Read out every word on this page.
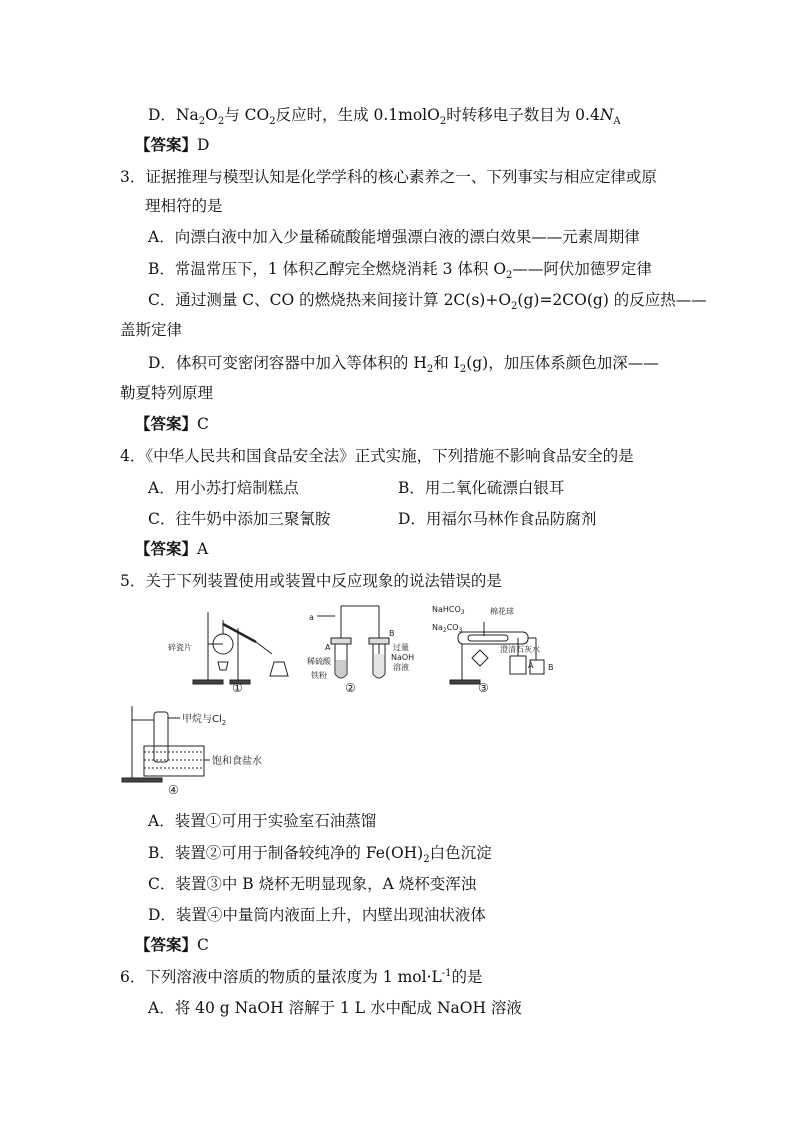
D．$Na_2O_2$与 $CO_2$反应时，生成 0.1molO$_2$时转移电子数目为 $0.4N_A$
【答案】D
3．证据推理与模型认知是化学学科的核心素养之一、下列事实与相应定律或原
理相符的是
A．向漂白液中加入少量稀硫酸能增强漂白液的漂白效果——元素周期律
B．常温常压下，1 体积乙醇完全燃烧消耗 3 体积 $O_2——$阿伏加德罗定律
C．通过测量 C、CO 的燃烧热来间接计算 $2C(s)+O_2(g)=2CO(g)$ 的反应热——
盖斯定律
D．体积可变密闭容器中加入等体积的 $H_2$和 $I_2(g)$，加压体系颜色加深——
勒夏特列原理
【答案】C
4．《中华人民共和国食品安全法》正式实施，下列措施不影响食品安全的是
A．用小苏打焙制糕点	B．用二氧化硫漂白银耳
C．往牛奶中添加三聚氰胺	D．用福尔马林作食品防腐剂
【答案】A
5．关于下列装置使用或装置中反应现象的说法错误的是
碎瓷片
①
a
A
B
稀硫酸
铁粉
过量
NaOH
溶液
②
NaHCO$_3$	棉花球
$Na_2CO_3$
澄清石灰水
A B
③
甲烷与$Cl_2$
饱和食盐水
④
A．装置①可用于实验室石油蒸馏
B．装置②可用于制备较纯净的 $Fe(OH)_2$白色沉淀
C．装置③中 B 烧杯无明显现象，A 烧杯变浑浊
D．装置④中量筒内液面上升，内壁出现油状液体
【答案】C
6．下列溶液中溶质的物质的量浓度为 1 $mol\cdot L^{-1}$的是
A．将 40 g NaOH 溶解于 1 L 水中配成 NaOH 溶液
